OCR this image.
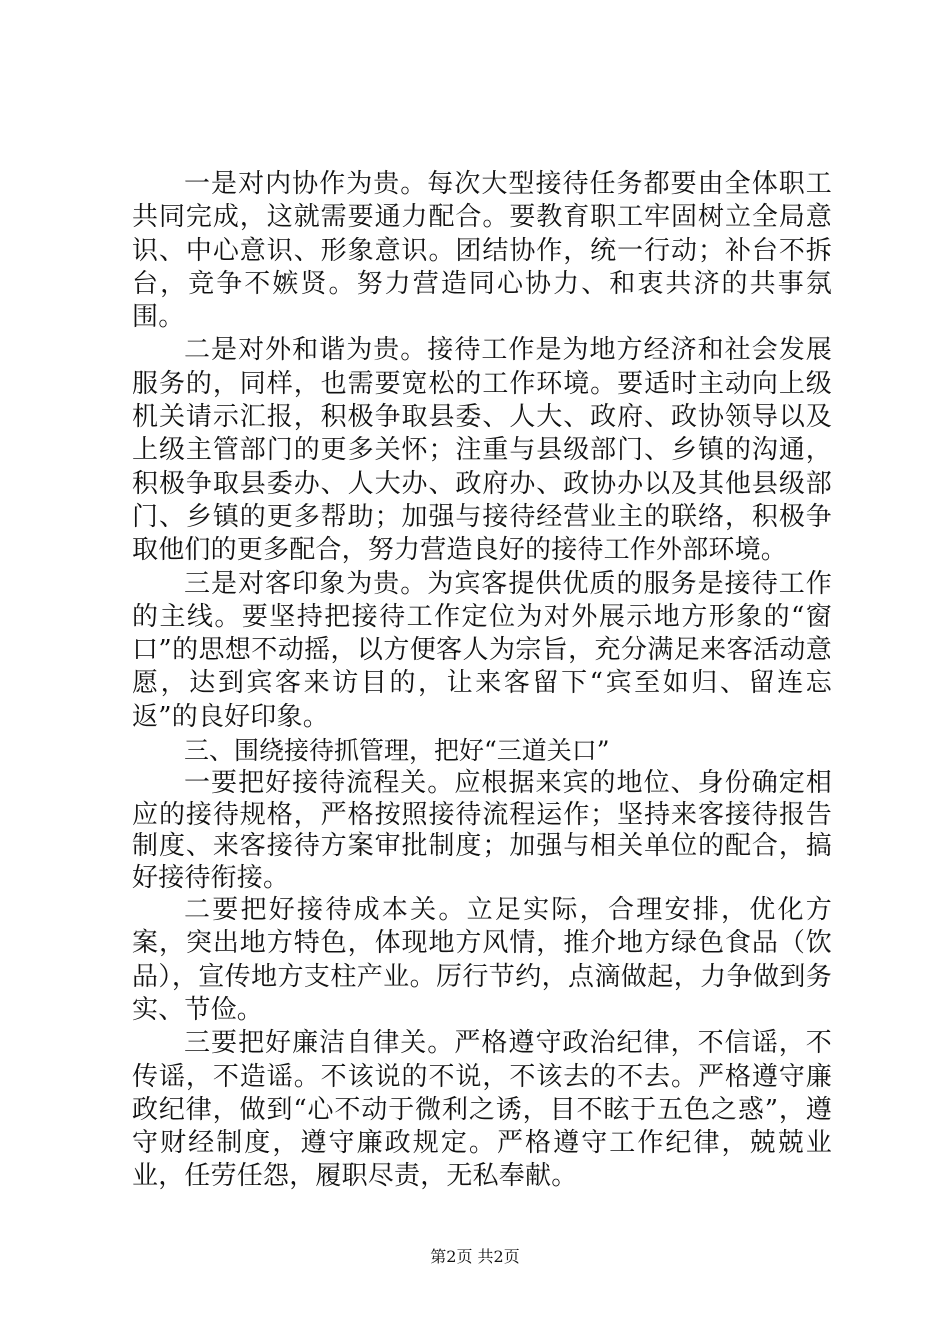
一是对内协作为贵。每次大型接待任务都要由全体职工共同完成，这就需要通力配合。要教育职工牢固树立全局意识、中心意识、形象意识。团结协作，统一行动；补台不拆台，竞争不嫉贤。努力营造同心协力、和衷共济的共事氛围。

二是对外和谐为贵。接待工作是为地方经济和社会发展服务的，同样，也需要宽松的工作环境。要适时主动向上级机关请示汇报，积极争取县委、人大、政府、政协领导以及上级主管部门的更多关怀；注重与县级部门、乡镇的沟通，积极争取县委办、人大办、政府办、政协办以及其他县级部门、乡镇的更多帮助；加强与接待经营业主的联络，积极争取他们的更多配合，努力营造良好的接待工作外部环境。

三是对客印象为贵。为宾客提供优质的服务是接待工作的主线。要坚持把接待工作定位为对外展示地方形象的“窗口”的思想不动摇，以方便客人为宗旨，充分满足来客活动意愿，达到宾客来访目的，让来客留下“宾至如归、留连忘返”的良好印象。

三、围绕接待抓管理，把好“三道关口”

一要把好接待流程关。应根据来宾的地位、身份确定相应的接待规格，严格按照接待流程运作；坚持来客接待报告制度、来客接待方案审批制度；加强与相关单位的配合，搞好接待衔接。

二要把好接待成本关。立足实际，合理安排，优化方案，突出地方特色，体现地方风情，推介地方绿色食品（饮品），宣传地方支柱产业。厉行节约，点滴做起，力争做到务实、节俭。

三要把好廉洁自律关。严格遵守政治纪律，不信谣，不传谣，不造谣。不该说的不说，不该去的不去。严格遵守廉政纪律，做到“心不动于微利之诱，目不眩于五色之惑”，遵守财经制度，遵守廉政规定。严格遵守工作纪律，兢兢业业，任劳任怨，履职尽责，无私奉献。

第2页 共2页
